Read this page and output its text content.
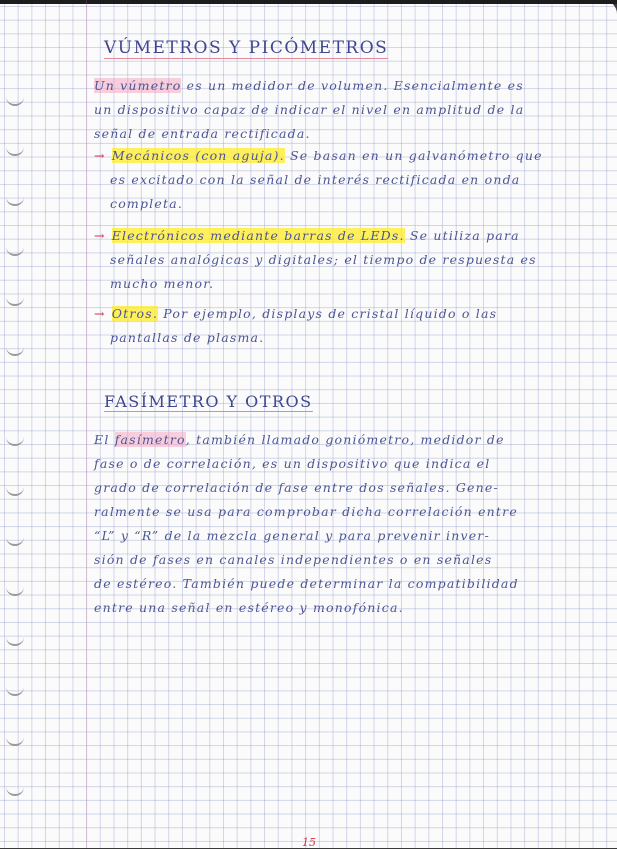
VÚMETROS Y PICÓMETROS
Un vúmetro es un medidor de volumen. Esencialmente es
un dispositivo capaz de indicar el nivel en amplitud de la
señal de entrada rectificada.
→ Mecánicos (con aguja). Se basan en un galvanómetro que
es excitado con la señal de interés rectificada en onda
completa.
→ Electrónicos mediante barras de LEDs. Se utiliza para
señales analógicas y digitales; el tiempo de respuesta es
mucho menor.
→ Otros. Por ejemplo, displays de cristal líquido o las
pantallas de plasma.
FASÍMETRO Y OTROS
El fasímetro, también llamado goniómetro, medidor de
fase o de correlación, es un dispositivo que indica el
grado de correlación de fase entre dos señales. Gene-
ralmente se usa para comprobar dicha correlación entre
“L” y “R” de la mezcla general y para prevenir inver-
sión de fases en canales independientes o en señales
de estéreo. También puede determinar la compatibilidad
entre una señal en estéreo y monofónica.
15
